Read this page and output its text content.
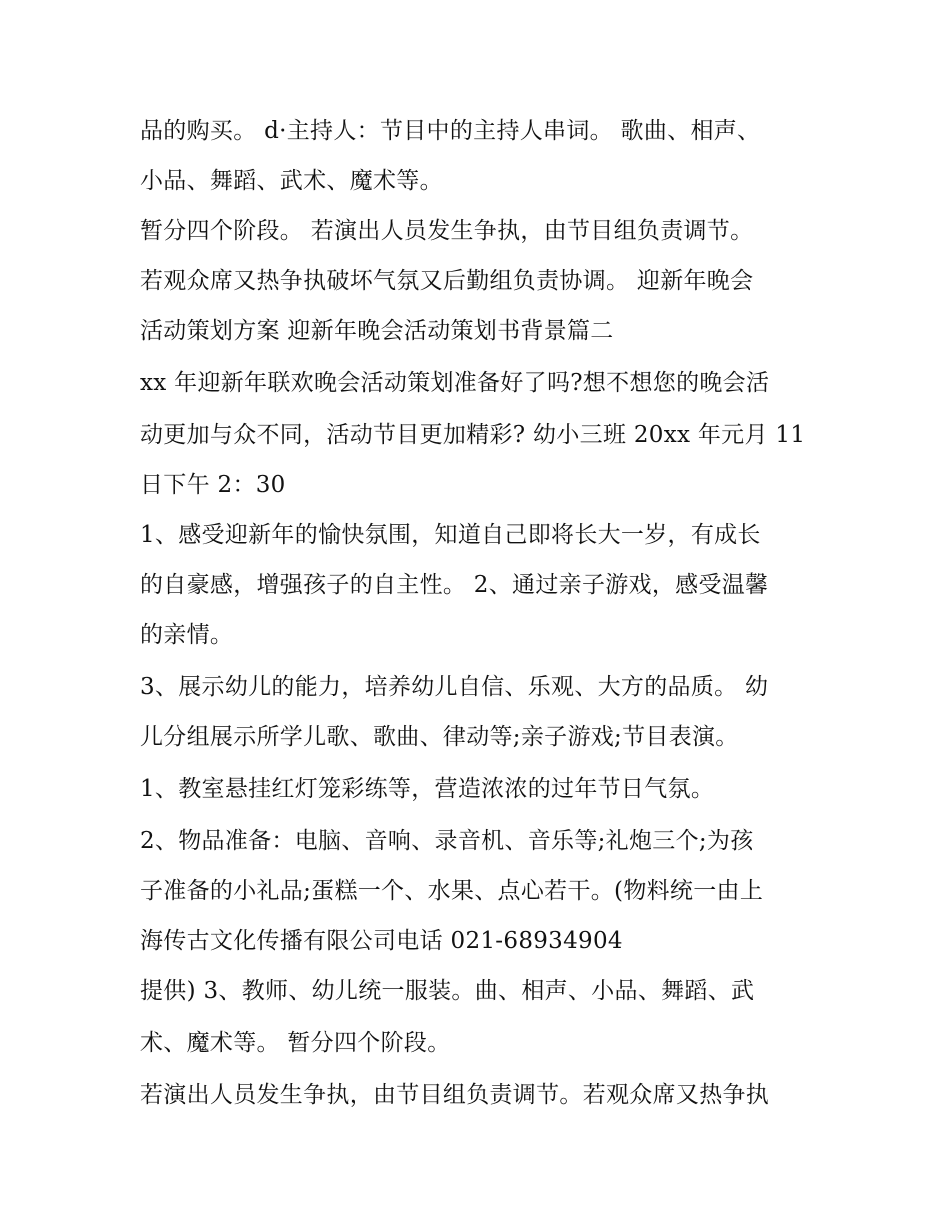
品的购买。 d·主持人：节目中的主持人串词。 歌曲、相声、
小品、舞蹈、武术、魔术等。
暂分四个阶段。 若演出人员发生争执，由节目组负责调节。
若观众席又热争执破坏气氛又后勤组负责协调。 迎新年晚会
活动策划方案 迎新年晚会活动策划书背景篇二
xx 年迎新年联欢晚会活动策划准备好了吗?想不想您的晚会活
动更加与众不同，活动节目更加精彩? 幼小三班 20xx 年元月 11
日下午 2：30
1、感受迎新年的愉快氛围，知道自己即将长大一岁，有成长
的自豪感，增强孩子的自主性。 2、通过亲子游戏，感受温馨
的亲情。
3、展示幼儿的能力，培养幼儿自信、乐观、大方的品质。 幼
儿分组展示所学儿歌、歌曲、律动等;亲子游戏;节目表演。
1、教室悬挂红灯笼彩练等，营造浓浓的过年节日气氛。
2、物品准备：电脑、音响、录音机、音乐等;礼炮三个;为孩
子准备的小礼品;蛋糕一个、水果、点心若干。(物料统一由上
海传古文化传播有限公司电话 021-68934904
提供) 3、教师、幼儿统一服装。曲、相声、小品、舞蹈、武
术、魔术等。 暂分四个阶段。
若演出人员发生争执，由节目组负责调节。若观众席又热争执
